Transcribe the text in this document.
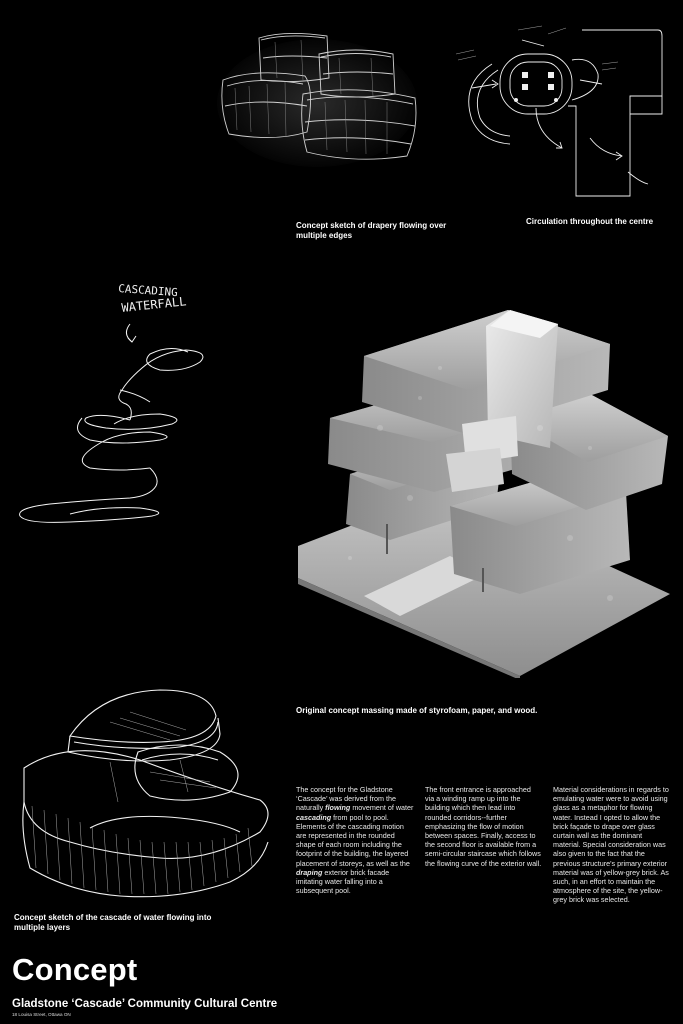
Concept sketch of drapery flowing over multiple edges
Circulation throughout the centre
CASCADING
WATERFALL
Original concept massing made of styrofoam, paper, and wood.
Concept sketch of the cascade of water flowing into multiple layers
The concept for the Gladstone ‘Cascade’ was derived from the naturally flowing movement of water cascading from pool to pool. Elements of the cascading motion are represented in the rounded shape of each room including the footprint of the building, the layered placement of storeys, as well as the draping exterior brick facade imitating water falling into a subsequent pool.
The front entrance is approached via a winding ramp up into the building which then lead into rounded corridors--further emphasizing the flow of motion between spaces. Finally, access to the second floor is available from a semi-circular staircase which follows the flowing curve of the exterior wall.
Material considerations in regards to emulating water were to avoid using glass as a metaphor for flowing water. Instead I opted to allow the brick façade to drape over glass curtain wall as the dominant material. Special consideration was also given to the fact that the previous structure's primary exterior material was of yellow-grey brick. As such, in an effort to maintain the atmosphere of the site, the yellow-grey brick was selected.
Concept
Gladstone ‘Cascade’ Community Cultural Centre
18 Louisa Street, Ottawa ON
